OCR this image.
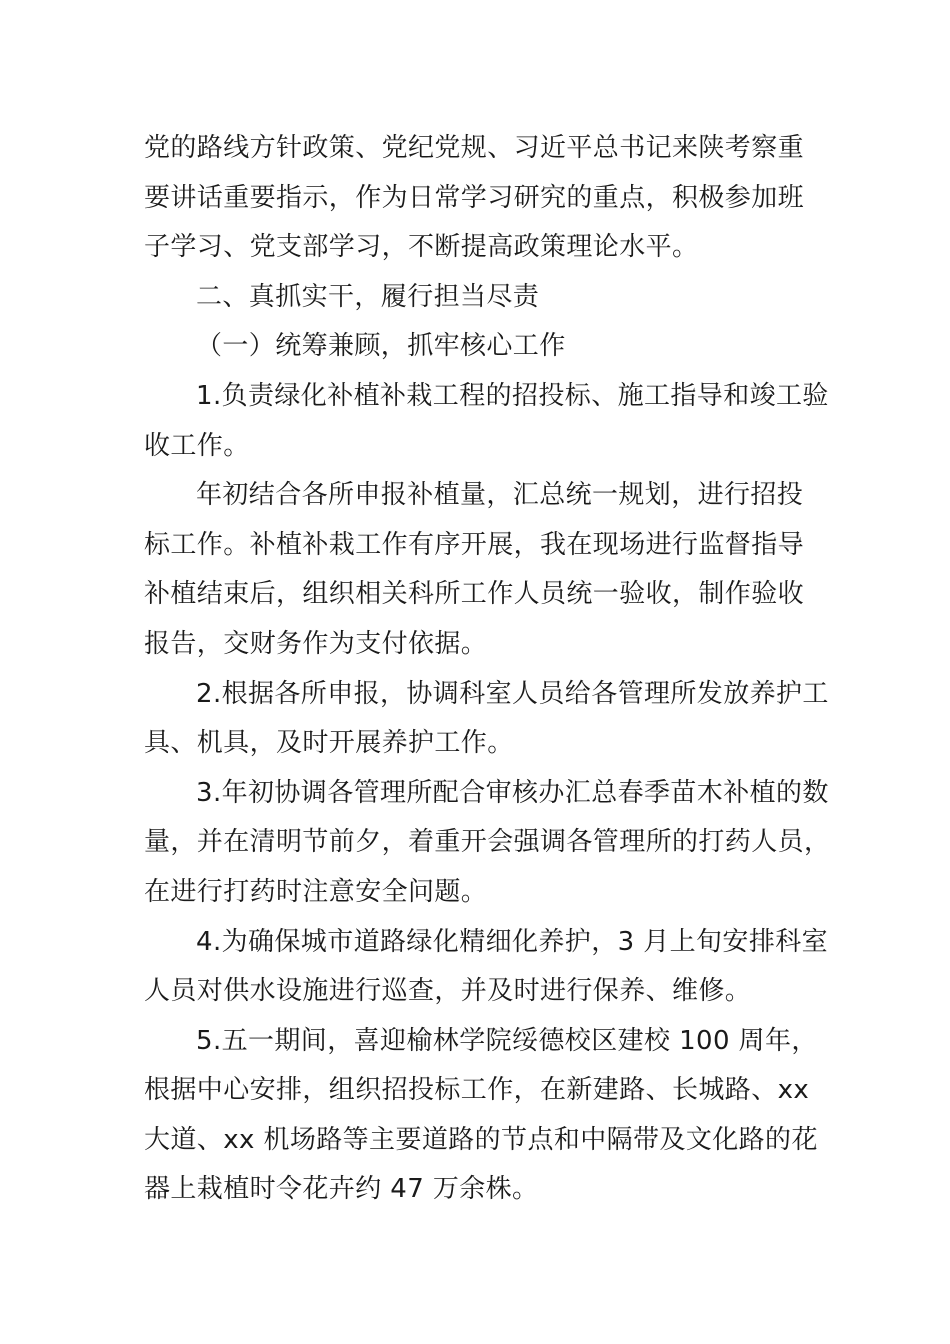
党的路线方针政策、党纪党规、习近平总书记来陕考察重

要讲话重要指示，作为日常学习研究的重点，积极参加班

子学习、党支部学习，不断提高政策理论水平。

二、真抓实干，履行担当尽责

（一）统筹兼顾，抓牢核心工作

1.负责绿化补植补栽工程的招投标、施工指导和竣工验

收工作。

年初结合各所申报补植量，汇总统一规划，进行招投

标工作。补植补栽工作有序开展，我在现场进行监督指导

补植结束后，组织相关科所工作人员统一验收，制作验收

报告，交财务作为支付依据。

2.根据各所申报，协调科室人员给各管理所发放养护工

具、机具，及时开展养护工作。

3.年初协调各管理所配合审核办汇总春季苗木补植的数

量，并在清明节前夕，着重开会强调各管理所的打药人员，

在进行打药时注意安全问题。

4.为确保城市道路绿化精细化养护，3 月上旬安排科室

人员对供水设施进行巡查，并及时进行保养、维修。

5.五一期间，喜迎榆林学院绥德校区建校 100 周年，

根据中心安排，组织招投标工作，在新建路、长城路、xx

大道、xx 机场路等主要道路的节点和中隔带及文化路的花

器上栽植时令花卉约 47 万余株。
